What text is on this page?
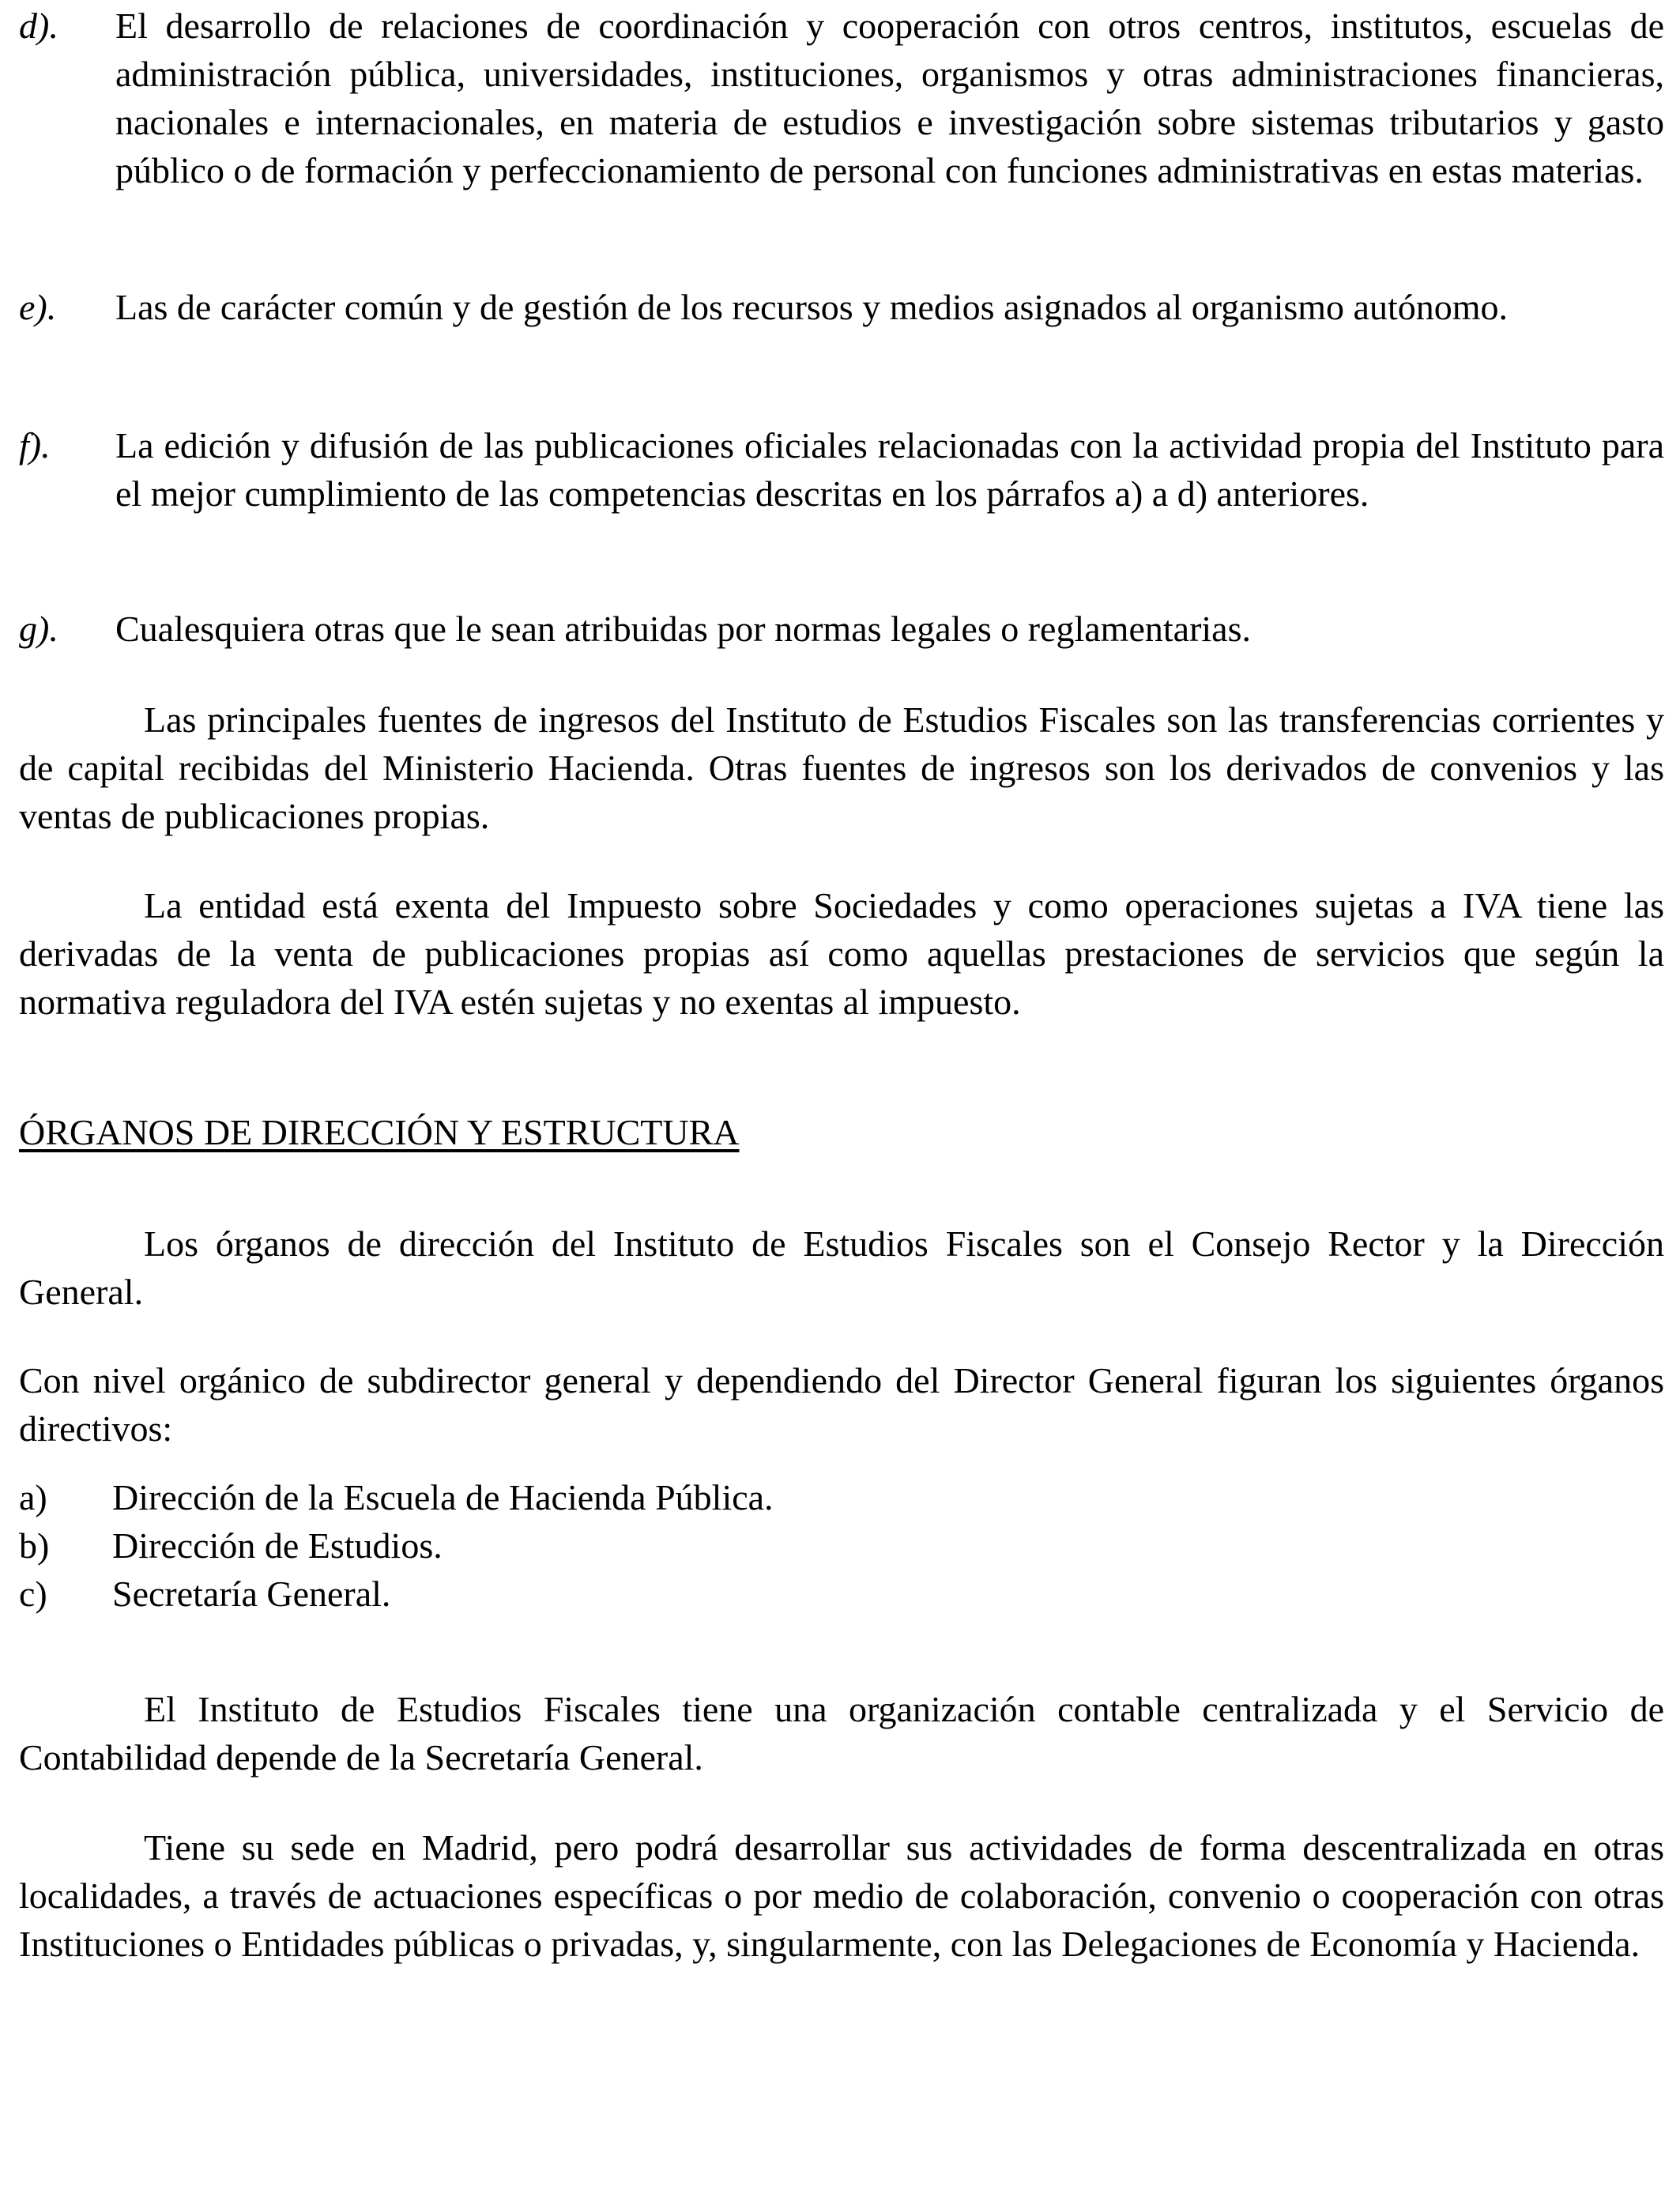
d). El desarrollo de relaciones de coordinación y cooperación con otros centros, institutos, escuelas de administración pública, universidades, instituciones, organismos y otras administraciones financieras, nacionales e internacionales, en materia de estudios e investigación sobre sistemas tributarios y gasto público o de formación y perfeccionamiento de personal con funciones administrativas en estas materias.
e). Las de carácter común y de gestión de los recursos y medios asignados al organismo autónomo.
f). La edición y difusión de las publicaciones oficiales relacionadas con la actividad propia del Instituto para el mejor cumplimiento de las competencias descritas en los párrafos a) a d) anteriores.
g). Cualesquiera otras que le sean atribuidas por normas legales o reglamentarias.
Las principales fuentes de ingresos del Instituto de Estudios Fiscales son las transferencias corrientes y de capital recibidas del Ministerio Hacienda. Otras fuentes de ingresos son los derivados de convenios y las ventas de publicaciones propias.
La entidad está exenta del Impuesto sobre Sociedades y como operaciones sujetas a IVA tiene las derivadas de la venta de publicaciones propias así como aquellas prestaciones de servicios que según la normativa reguladora del IVA estén sujetas y no exentas al impuesto.
ÓRGANOS DE DIRECCIÓN Y ESTRUCTURA
Los órganos de dirección del Instituto de Estudios Fiscales son el Consejo Rector y la Dirección General.
Con nivel orgánico de subdirector general y dependiendo del Director General figuran los siguientes órganos directivos:
a) Dirección de la Escuela de Hacienda Pública.
b) Dirección de Estudios.
c) Secretaría General.
El Instituto de Estudios Fiscales tiene una organización contable centralizada y el Servicio de Contabilidad depende de la Secretaría General.
Tiene su sede en Madrid, pero podrá desarrollar sus actividades de forma descentralizada en otras localidades, a través de actuaciones específicas o por medio de colaboración, convenio o cooperación con otras Instituciones o Entidades públicas o privadas, y, singularmente, con las Delegaciones de Economía y Hacienda.
